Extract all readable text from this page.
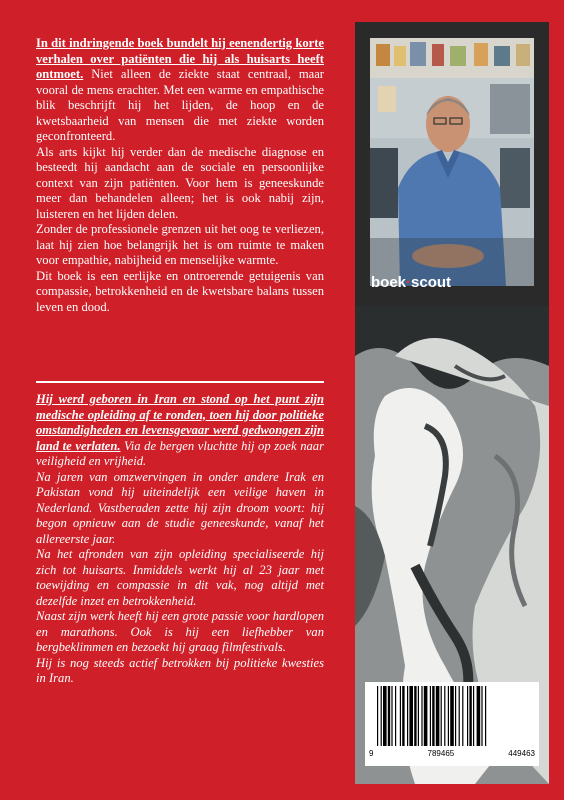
In dit indringende boek bundelt hij eenendertig korte verhalen over patiënten die hij als huisarts heeft ontmoet. Niet alleen de ziekte staat centraal, maar vooral de mens erachter. Met een warme en empathische blik beschrijft hij het lijden, de hoop en de kwetsbaarheid van mensen die met ziekte worden geconfronteerd.

Als arts kijkt hij verder dan de medische diagnose en besteedt hij aandacht aan de sociale en persoonlijke context van zijn patiënten. Voor hem is geneeskunde meer dan behandelen alleen; het is ook nabij zijn, luisteren en het lijden delen.

Zonder de professionele grenzen uit het oog te verliezen, laat hij zien hoe belangrijk het is om ruimte te maken voor empathie, nabijheid en menselijke warmte.

Dit boek is een eerlijke en ontroerende getuigenis van compassie, betrokkenheid en de kwetsbare balans tussen leven en dood.

Hij werd geboren in Iran en stond op het punt zijn medische opleiding af te ronden, toen hij door politieke omstandigheden en levensgevaar werd gedwongen zijn land te verlaten. Via de bergen vluchtte hij op zoek naar veiligheid en vrijheid.

Na jaren van omzwervingen in onder andere Irak en Pakistan vond hij uiteindelijk een veilige haven in Nederland. Vastberaden zette hij zijn droom voort: hij begon opnieuw aan de studie geneeskunde, vanaf het allereerste jaar.

Na het afronden van zijn opleiding specialiseerde hij zich tot huisarts. Inmiddels werkt hij al 23 jaar met toewijding en compassie in dit vak, nog altijd met dezelfde inzet en betrokkenheid.

Naast zijn werk heeft hij een grote passie voor hardlopen en marathons. Ook is hij een liefhebber van bergbeklimmen en bezoekt hij graag filmfestivals.

Hij is nog steeds actief betrokken bij politieke kwesties in Iran.

boek·scout
9	789465	449463
